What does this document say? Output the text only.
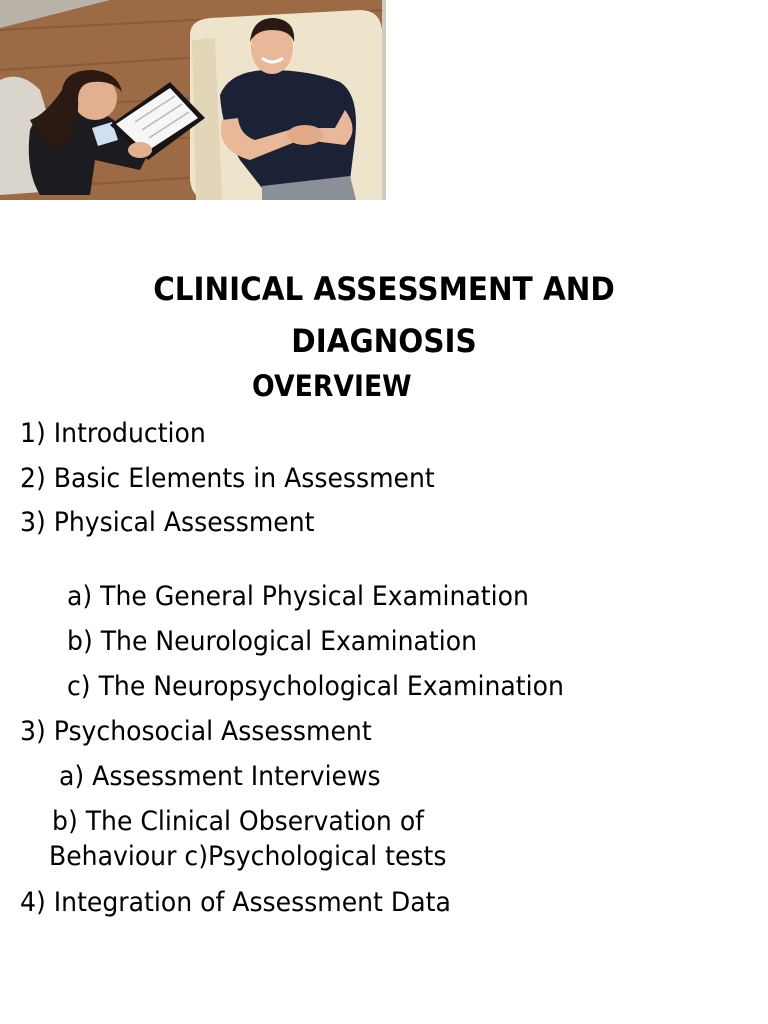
CLINICAL ASSESSMENT AND
DIAGNOSIS
OVERVIEW
1) Introduction
2) Basic Elements in Assessment
3) Physical Assessment
a) The General Physical Examination
b) The Neurological Examination
c) The Neuropsychological Examination
3) Psychosocial Assessment
a) Assessment Interviews
b) The Clinical Observation of
Behaviour c)Psychological tests
4) Integration of Assessment Data
